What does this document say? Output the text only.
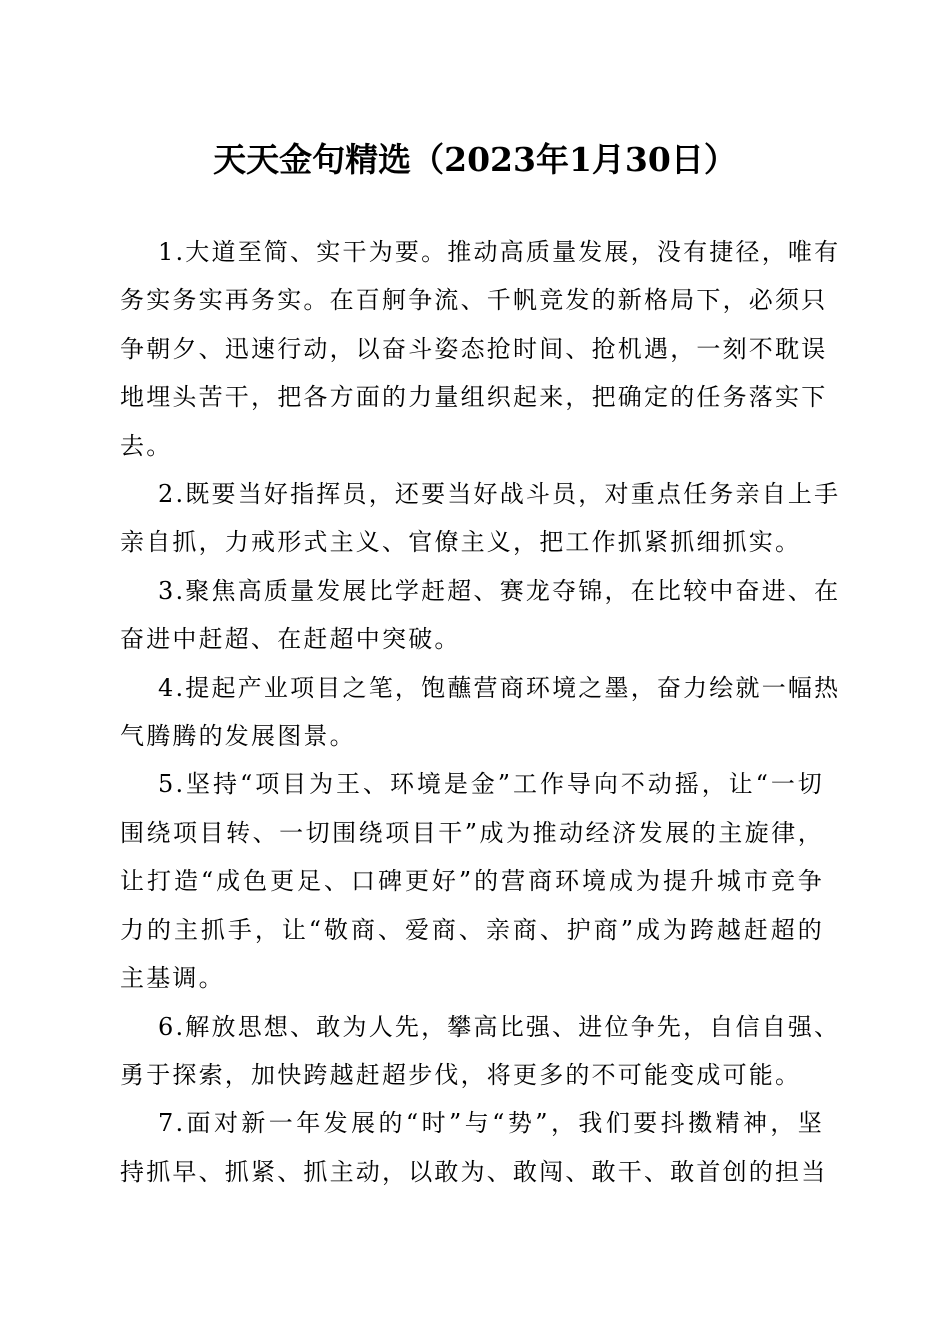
天天金句精选（2023年1月30日）

1.大道至简、实干为要。推动高质量发展，没有捷径，唯有
务实务实再务实。在百舸争流、千帆竞发的新格局下，必须只
争朝夕、迅速行动，以奋斗姿态抢时间、抢机遇，一刻不耽误
地埋头苦干，把各方面的力量组织起来，把确定的任务落实下
去。

2.既要当好指挥员，还要当好战斗员，对重点任务亲自上手
亲自抓，力戒形式主义、官僚主义，把工作抓紧抓细抓实。

3.聚焦高质量发展比学赶超、赛龙夺锦，在比较中奋进、在
奋进中赶超、在赶超中突破。

4.提起产业项目之笔，饱蘸营商环境之墨，奋力绘就一幅热
气腾腾的发展图景。

5.坚持“项目为王、环境是金”工作导向不动摇，让“一切
围绕项目转、一切围绕项目干”成为推动经济发展的主旋律，
让打造“成色更足、口碑更好”的营商环境成为提升城市竞争
力的主抓手，让“敬商、爱商、亲商、护商”成为跨越赶超的
主基调。

6.解放思想、敢为人先，攀高比强、进位争先，自信自强、
勇于探索，加快跨越赶超步伐，将更多的不可能变成可能。

7.面对新一年发展的“时”与“势”，我们要抖擞精神，坚
持抓早、抓紧、抓主动，以敢为、敢闯、敢干、敢首创的担当
